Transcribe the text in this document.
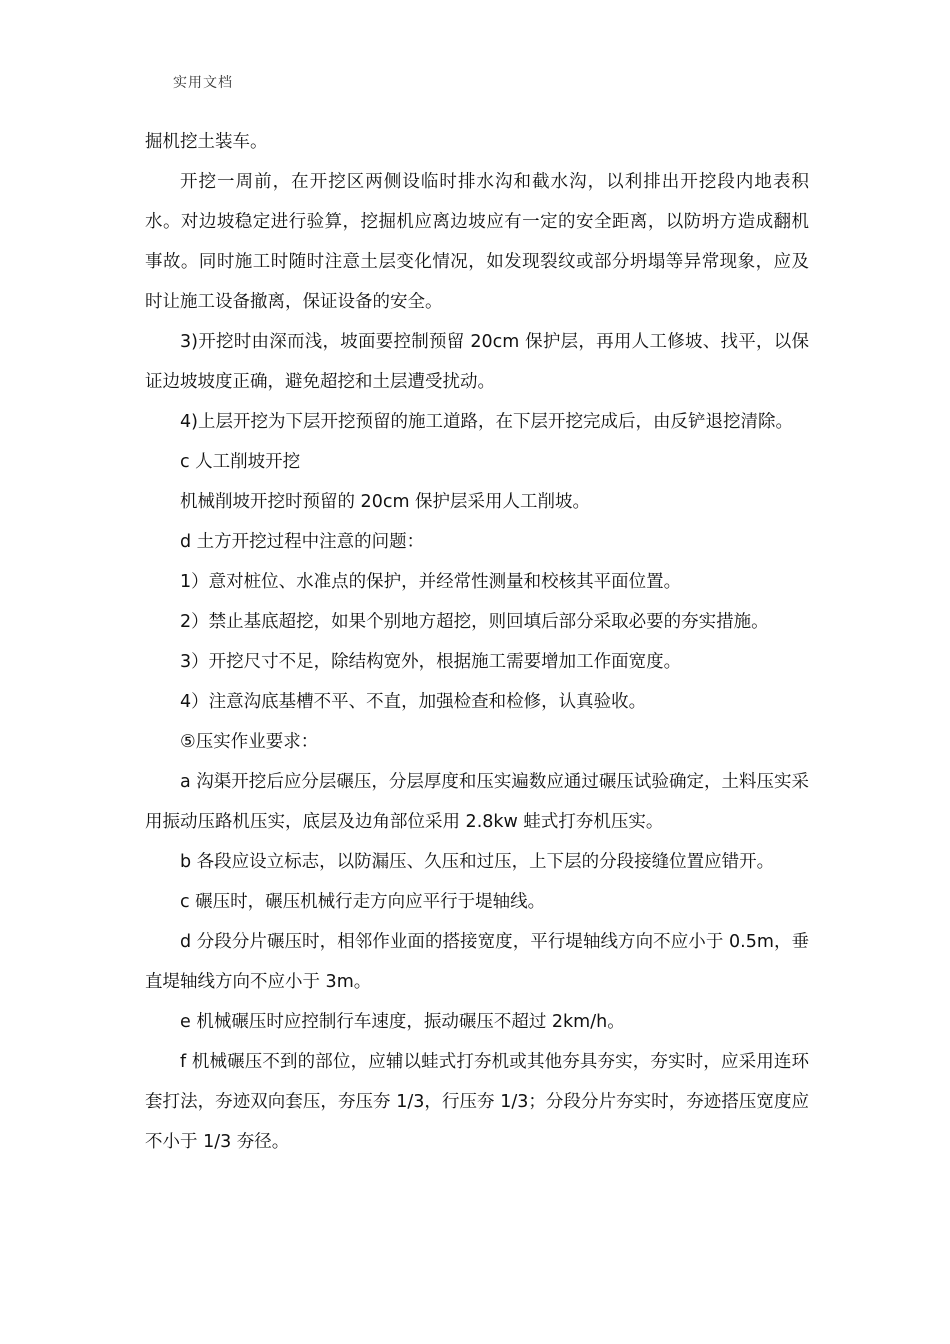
实用文档

掘机挖土装车。

开挖一周前，在开挖区两侧设临时排水沟和截水沟，以利排出开挖段内地表积水。对边坡稳定进行验算，挖掘机应离边坡应有一定的安全距离，以防坍方造成翻机事故。同时施工时随时注意土层变化情况，如发现裂纹或部分坍塌等异常现象，应及时让施工设备撤离，保证设备的安全。

3)开挖时由深而浅，坡面要控制预留 20cm 保护层，再用人工修坡、找平，以保证边坡坡度正确，避免超挖和土层遭受扰动。

4)上层开挖为下层开挖预留的施工道路，在下层开挖完成后，由反铲退挖清除。

c 人工削坡开挖

机械削坡开挖时预留的 20cm 保护层采用人工削坡。

d 土方开挖过程中注意的问题：

1）意对桩位、水准点的保护，并经常性测量和校核其平面位置。

2）禁止基底超挖，如果个别地方超挖，则回填后部分采取必要的夯实措施。

3）开挖尺寸不足，除结构宽外，根据施工需要增加工作面宽度。

4）注意沟底基槽不平、不直，加强检查和检修，认真验收。

⑤压实作业要求：

a 沟渠开挖后应分层碾压，分层厚度和压实遍数应通过碾压试验确定，土料压实采用振动压路机压实，底层及边角部位采用 2.8kw 蛙式打夯机压实。

b 各段应设立标志，以防漏压、久压和过压，上下层的分段接缝位置应错开。

c 碾压时，碾压机械行走方向应平行于堤轴线。

d 分段分片碾压时，相邻作业面的搭接宽度，平行堤轴线方向不应小于 0.5m，垂直堤轴线方向不应小于 3m。

e 机械碾压时应控制行车速度，振动碾压不超过 2km/h。

f 机械碾压不到的部位，应辅以蛙式打夯机或其他夯具夯实，夯实时，应采用连环套打法，夯迹双向套压，夯压夯 1/3，行压夯 1/3；分段分片夯实时，夯迹搭压宽度应不小于 1/3 夯径。
